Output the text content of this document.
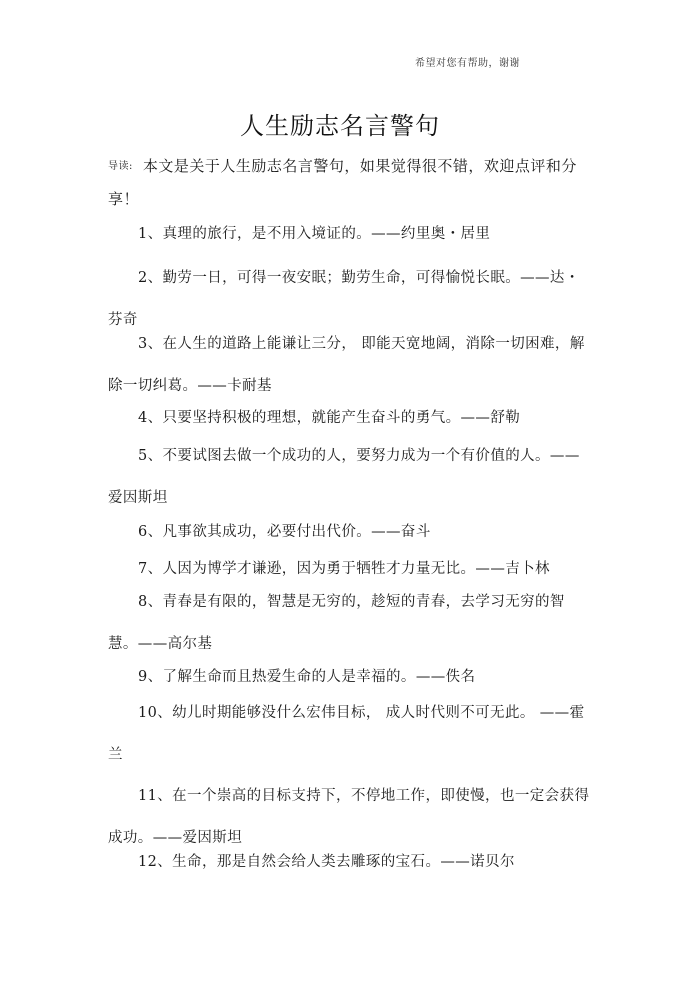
希望对您有帮助，谢谢
人生励志名言警句
导读: 本文是关于人生励志名言警句，如果觉得很不错，欢迎点评和分享！
1、真理的旅行，是不用入境证的。——约里奥・居里
2、勤劳一日，可得一夜安眠；勤劳生命，可得愉悦长眠。——达・芬奇
3、在人生的道路上能谦让三分， 即能天宽地阔，消除一切困难，解除一切纠葛。——卡耐基
4、只要坚持积极的理想，就能产生奋斗的勇气。——舒勒
5、不要试图去做一个成功的人，要努力成为一个有价值的人。——爱因斯坦
6、凡事欲其成功，必要付出代价。——奋斗
7、人因为博学才谦逊，因为勇于牺牲才力量无比。——吉卜林
8、青春是有限的，智慧是无穷的，趁短的青春，去学习无穷的智慧。——高尔基
9、了解生命而且热爱生命的人是幸福的。——佚名
10、幼儿时期能够没什么宏伟目标， 成人时代则不可无此。 ——霍兰
11、在一个崇高的目标支持下，不停地工作，即使慢，也一定会获得成功。——爱因斯坦
12、生命，那是自然会给人类去雕琢的宝石。——诺贝尔
